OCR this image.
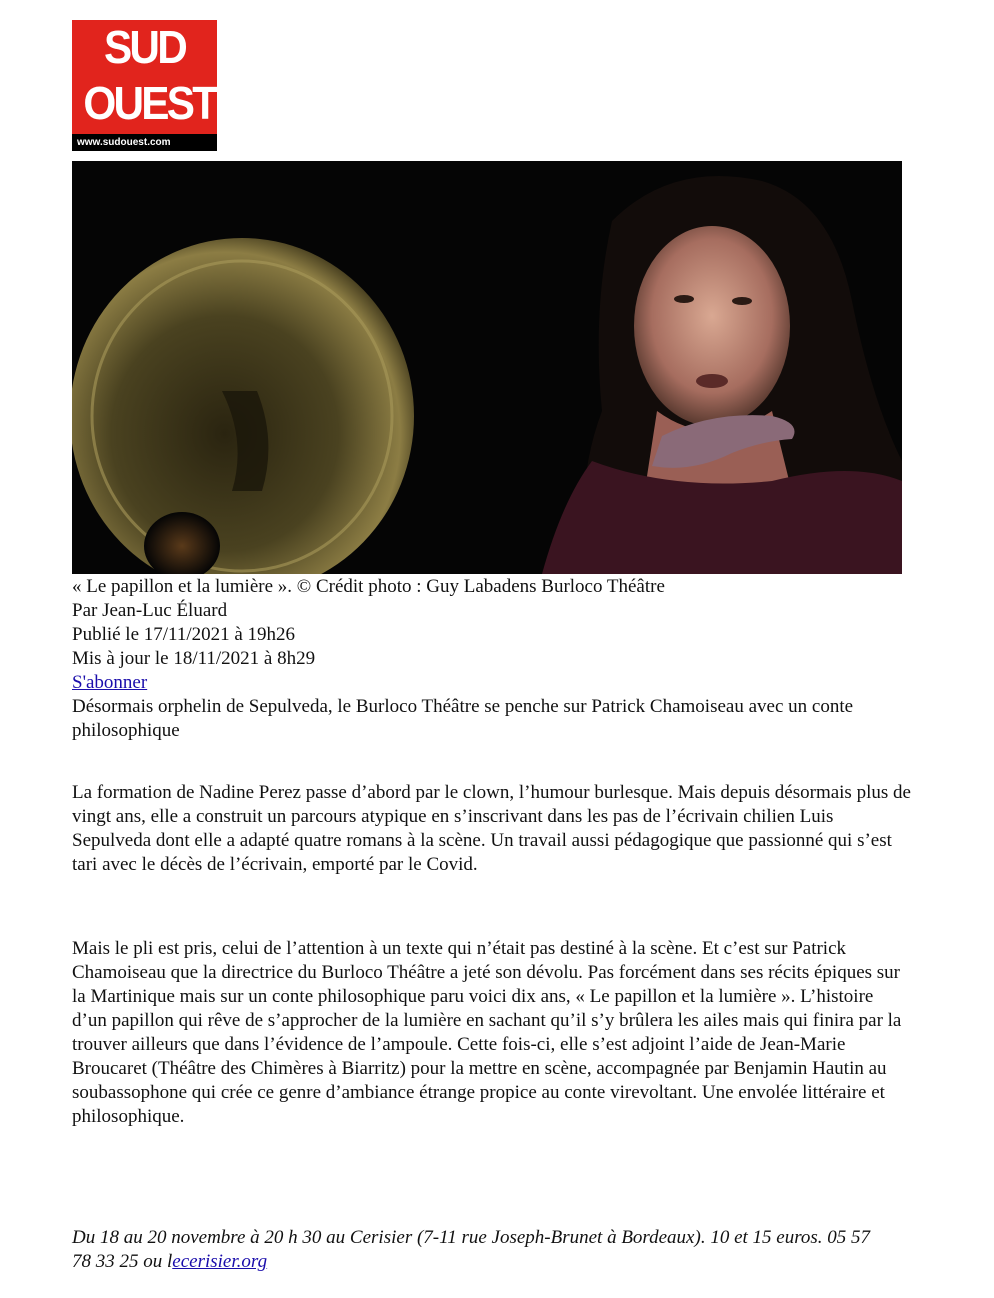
SUD
OUEST
www.sudouest.com
« Le papillon et la lumière ». © Crédit photo : Guy Labadens Burloco Théâtre
Par Jean-Luc Éluard
Publié le 17/11/2021 à 19h26
Mis à jour le 18/11/2021 à 8h29
S'abonner
Désormais orphelin de Sepulveda, le Burloco Théâtre se penche sur Patrick Chamoiseau avec un conte philosophique

La formation de Nadine Perez passe d’abord par le clown, l’humour burlesque. Mais depuis désormais plus de vingt ans, elle a construit un parcours atypique en s’inscrivant dans les pas de l’écrivain chilien Luis Sepulveda dont elle a adapté quatre romans à la scène. Un travail aussi pédagogique que passionné qui s’est tari avec le décès de l’écrivain, emporté par le Covid.

Mais le pli est pris, celui de l’attention à un texte qui n’était pas destiné à la scène. Et c’est sur Patrick Chamoiseau que la directrice du Burloco Théâtre a jeté son dévolu. Pas forcément dans ses récits épiques sur la Martinique mais sur un conte philosophique paru voici dix ans, « Le papillon et la lumière ». L’histoire d’un papillon qui rêve de s’approcher de la lumière en sachant qu’il s’y brûlera les ailes mais qui finira par la trouver ailleurs que dans l’évidence de l’ampoule. Cette fois-ci, elle s’est adjoint l’aide de Jean-Marie Broucaret (Théâtre des Chimères à Biarritz) pour la mettre en scène, accompagnée par Benjamin Hautin au soubassophone qui crée ce genre d’ambiance étrange propice au conte virevoltant. Une envolée littéraire et philosophique.

Du 18 au 20 novembre à 20 h 30 au Cerisier (7-11 rue Joseph-Brunet à Bordeaux). 10 et 15 euros. 05 57 78 33 25 ou lecerisier.org
